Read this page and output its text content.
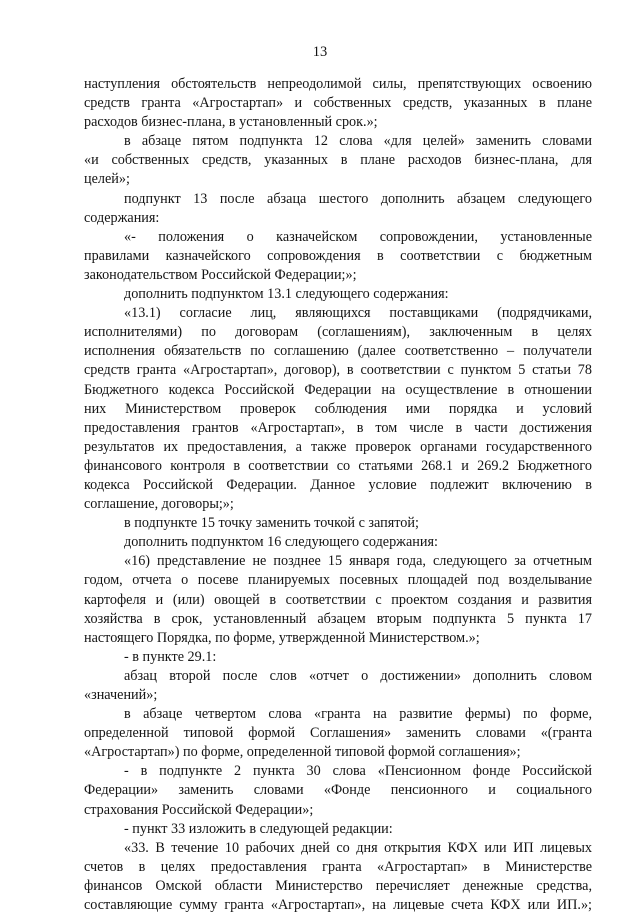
13
наступления обстоятельств непреодолимой силы, препятствующих освоению
средств гранта «Агростартап» и собственных средств, указанных в плане
расходов бизнес-плана, в установленный срок.»;
в абзаце пятом подпункта 12 слова «для целей» заменить словами
«и собственных средств, указанных в плане расходов бизнес-плана, для
целей»;
подпункт 13 после абзаца шестого дополнить абзацем следующего
содержания:
«- положения о казначейском сопровождении, установленные
правилами казначейского сопровождения в соответствии с бюджетным
законодательством Российской Федерации;»;
дополнить подпунктом 13.1 следующего содержания:
«13.1) согласие лиц, являющихся поставщиками (подрядчиками,
исполнителями) по договорам (соглашениям), заключенным в целях
исполнения обязательств по соглашению (далее соответственно – получатели
средств гранта «Агростартап», договор), в соответствии с пунктом 5 статьи 78
Бюджетного кодекса Российской Федерации на осуществление в отношении
них Министерством проверок соблюдения ими порядка и условий
предоставления грантов «Агростартап», в том числе в части достижения
результатов их предоставления, а также проверок органами государственного
финансового контроля в соответствии со статьями 268.1 и 269.2 Бюджетного
кодекса Российской Федерации. Данное условие подлежит включению в
соглашение, договоры;»;
в подпункте 15 точку заменить точкой с запятой;
дополнить подпунктом 16 следующего содержания:
«16) представление не позднее 15 января года, следующего за отчетным
годом, отчета о посеве планируемых посевных площадей под возделывание
картофеля и (или) овощей в соответствии с проектом создания и развития
хозяйства в срок, установленный абзацем вторым подпункта 5 пункта 17
настоящего Порядка, по форме, утвержденной Министерством.»;
- в пункте 29.1:
абзац второй после слов «отчет о достижении» дополнить словом
«значений»;
в абзаце четвертом слова «гранта на развитие фермы) по форме,
определенной типовой формой Соглашения» заменить словами «(гранта
«Агростартап») по форме, определенной типовой формой соглашения»;
- в подпункте 2 пункта 30 слова «Пенсионном фонде Российской
Федерации» заменить словами «Фонде пенсионного и социального
страхования Российской Федерации»;
- пункт 33 изложить в следующей редакции:
«33. В течение 10 рабочих дней со дня открытия КФХ или ИП лицевых
счетов в целях предоставления гранта «Агростартап» в Министерстве
финансов Омской области Министерство перечисляет денежные средства,
составляющие сумму гранта «Агростартап», на лицевые счета КФХ или ИП.»;
